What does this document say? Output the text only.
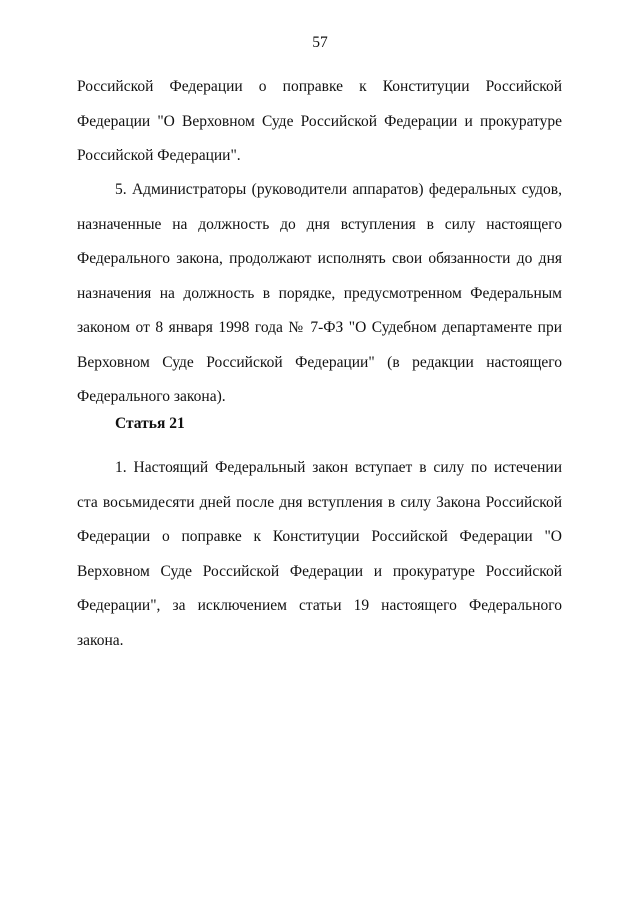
57

Российской Федерации о поправке к Конституции Российской Федерации "О Верховном Суде Российской Федерации и прокуратуре Российской Федерации".

5. Администраторы (руководители аппаратов) федеральных судов, назначенные на должность до дня вступления в силу настоящего Федерального закона, продолжают исполнять свои обязанности до дня назначения на должность в порядке, предусмотренном Федеральным законом от 8 января 1998 года № 7-ФЗ "О Судебном департаменте при Верховном Суде Российской Федерации" (в редакции настоящего Федерального закона).

Статья 21

1. Настоящий Федеральный закон вступает в силу по истечении ста восьмидесяти дней после дня вступления в силу Закона Российской Федерации о поправке к Конституции Российской Федерации "О Верховном Суде Российской Федерации и прокуратуре Российской Федерации", за исключением статьи 19 настоящего Федерального закона.
